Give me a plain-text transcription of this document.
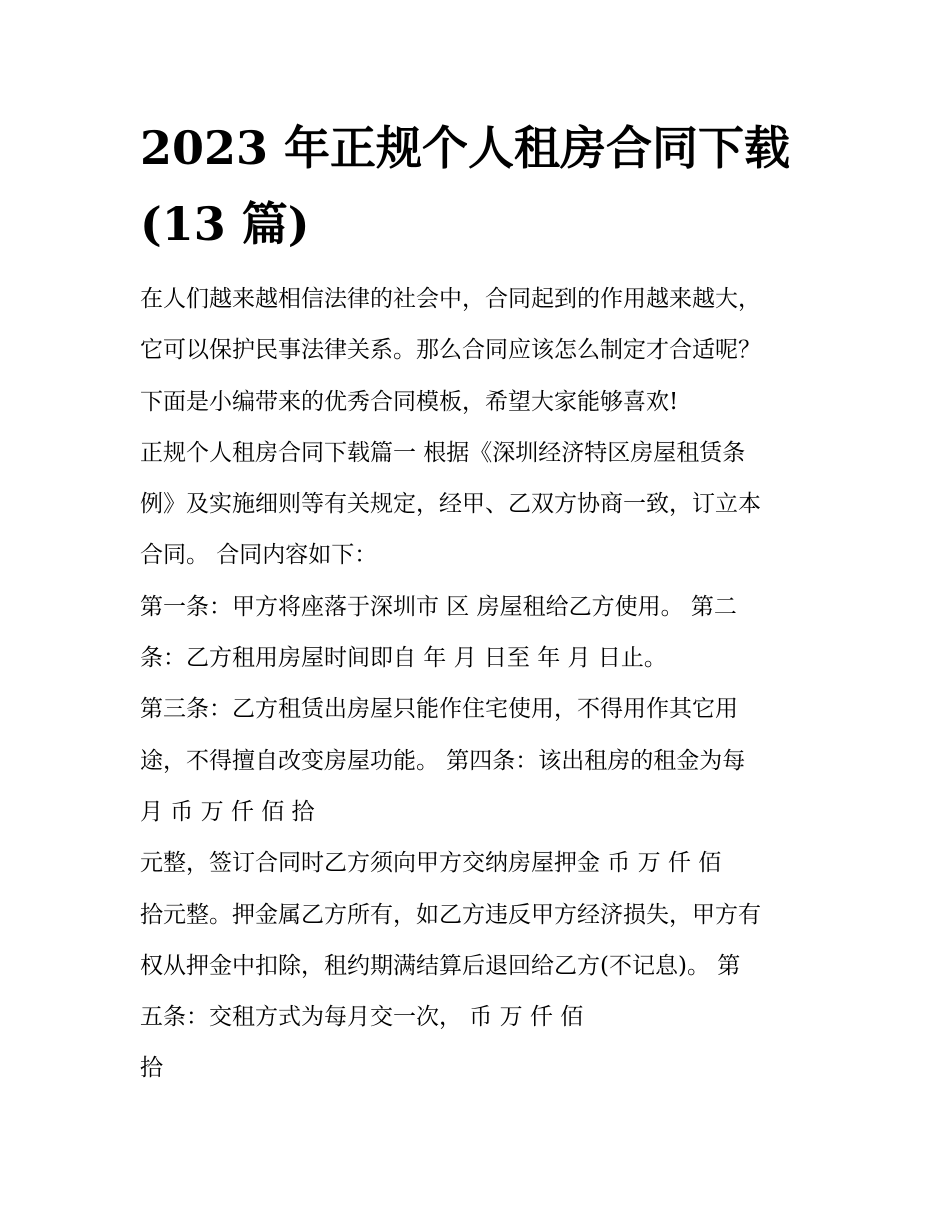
2023 年正规个人租房合同下载
(13 篇)
在人们越来越相信法律的社会中，合同起到的作用越来越大，
它可以保护民事法律关系。那么合同应该怎么制定才合适呢？
下面是小编带来的优秀合同模板，希望大家能够喜欢!
正规个人租房合同下载篇一 根据《深圳经济特区房屋租赁条
例》及实施细则等有关规定，经甲、乙双方协商一致，订立本
合同。 合同内容如下：
第一条：甲方将座落于深圳市 区 房屋租给乙方使用。 第二
条：乙方租用房屋时间即自 年 月 日至 年 月 日止。
第三条：乙方租赁出房屋只能作住宅使用，不得用作其它用
途，不得擅自改变房屋功能。 第四条：该出租房的租金为每
月 币 万 仟 佰 拾
元整，签订合同时乙方须向甲方交纳房屋押金 币 万 仟 佰
拾元整。押金属乙方所有，如乙方违反甲方经济损失，甲方有
权从押金中扣除，租约期满结算后退回给乙方(不记息)。 第
五条：交租方式为每月交一次， 币 万 仟 佰
拾
